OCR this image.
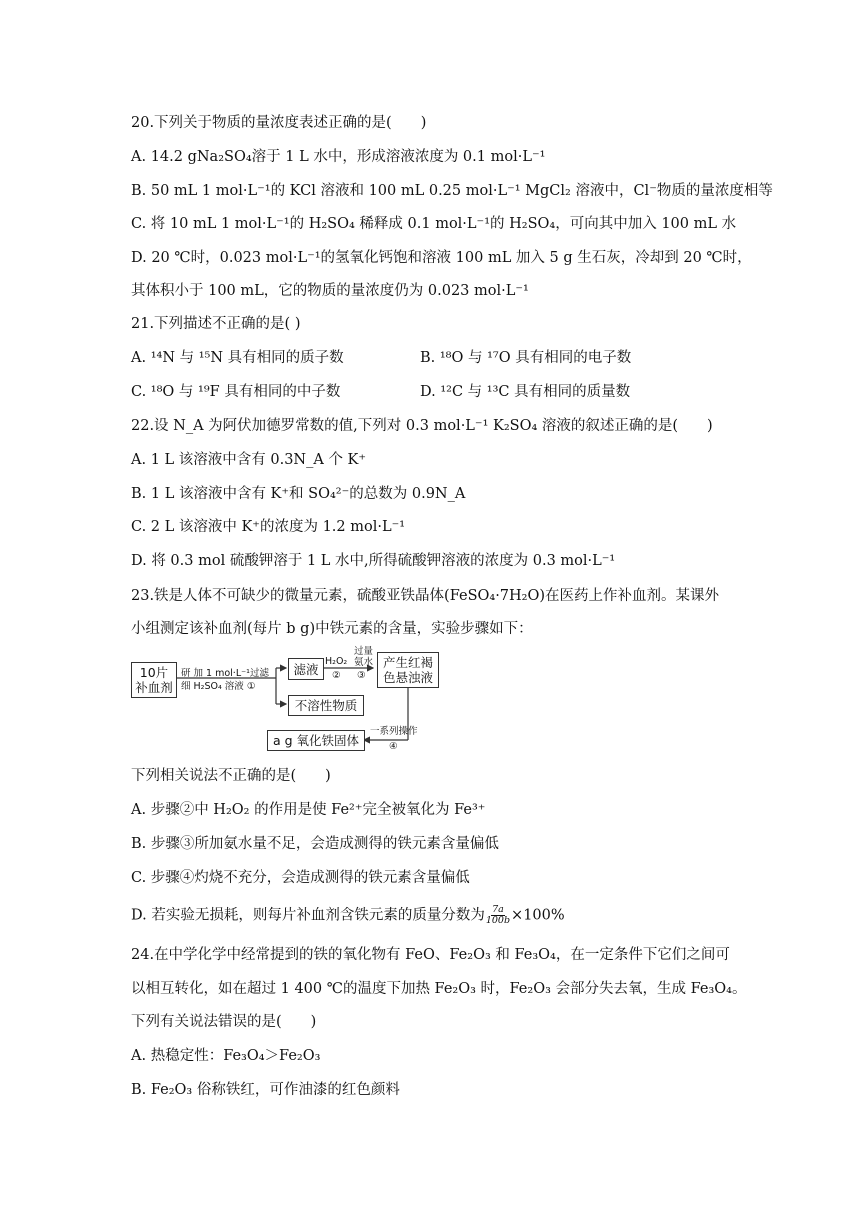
20.下列关于物质的量浓度表述正确的是(　　)
A. 14.2 gNa₂SO₄溶于 1 L 水中，形成溶液浓度为 0.1 mol·L⁻¹
B. 50 mL 1 mol·L⁻¹的 KCl 溶液和 100 mL 0.25 mol·L⁻¹ MgCl₂ 溶液中，Cl⁻物质的量浓度相等
C. 将 10 mL 1 mol·L⁻¹的 H₂SO₄ 稀释成 0.1 mol·L⁻¹的 H₂SO₄，可向其中加入 100 mL 水
D. 20 ℃时，0.023 mol·L⁻¹的氢氧化钙饱和溶液 100 mL 加入 5 g 生石灰，冷却到 20 ℃时，
其体积小于 100 mL，它的物质的量浓度仍为 0.023 mol·L⁻¹
21.下列描述不正确的是( )
A. ¹⁴N 与 ¹⁵N 具有相同的质子数	B. ¹⁸O 与 ¹⁷O 具有相同的电子数
C. ¹⁸O 与 ¹⁹F 具有相同的中子数	D. ¹²C 与 ¹³C 具有相同的质量数
22.设 N_A 为阿伏加德罗常数的值,下列对 0.3 mol·L⁻¹ K₂SO₄ 溶液的叙述正确的是(　　)
A. 1 L 该溶液中含有 0.3N_A 个 K⁺
B. 1 L 该溶液中含有 K⁺和 SO₄²⁻的总数为 0.9N_A
C. 2 L 该溶液中 K⁺的浓度为 1.2 mol·L⁻¹
D. 将 0.3 mol 硫酸钾溶于 1 L 水中,所得硫酸钾溶液的浓度为 0.3 mol·L⁻¹
23.铁是人体不可缺少的微量元素，硫酸亚铁晶体(FeSO₄·7H₂O)在医药上作补血剂。某课外
小组测定该补血剂(每片 b g)中铁元素的含量，实验步骤如下：
10片
补血剂
研 加 1 mol·L⁻¹过滤
细 H₂SO₄ 溶液 ①
滤液 H₂O₂
②
过量
氨水
③
产生红褐
色悬浊液
不溶性物质
一系列操作
④
a g 氧化铁固体
下列相关说法不正确的是(　　)
A. 步骤②中 H₂O₂ 的作用是使 Fe²⁺完全被氧化为 Fe³⁺
B. 步骤③所加氨水量不足，会造成测得的铁元素含量偏低
C. 步骤④灼烧不充分，会造成测得的铁元素含量偏低
D. 若实验无损耗，则每片补血剂含铁元素的质量分数为 $\frac{7a}{100b} \times 100\%$
24.在中学化学中经常提到的铁的氧化物有 FeO、Fe₂O₃ 和 Fe₃O₄，在一定条件下它们之间可
以相互转化，如在超过 1 400 ℃的温度下加热 Fe₂O₃ 时，Fe₂O₃ 会部分失去氧，生成 Fe₃O₄。
下列有关说法错误的是(　　)
A. 热稳定性：Fe₃O₄＞Fe₂O₃
B. Fe₂O₃ 俗称铁红，可作油漆的红色颜料
